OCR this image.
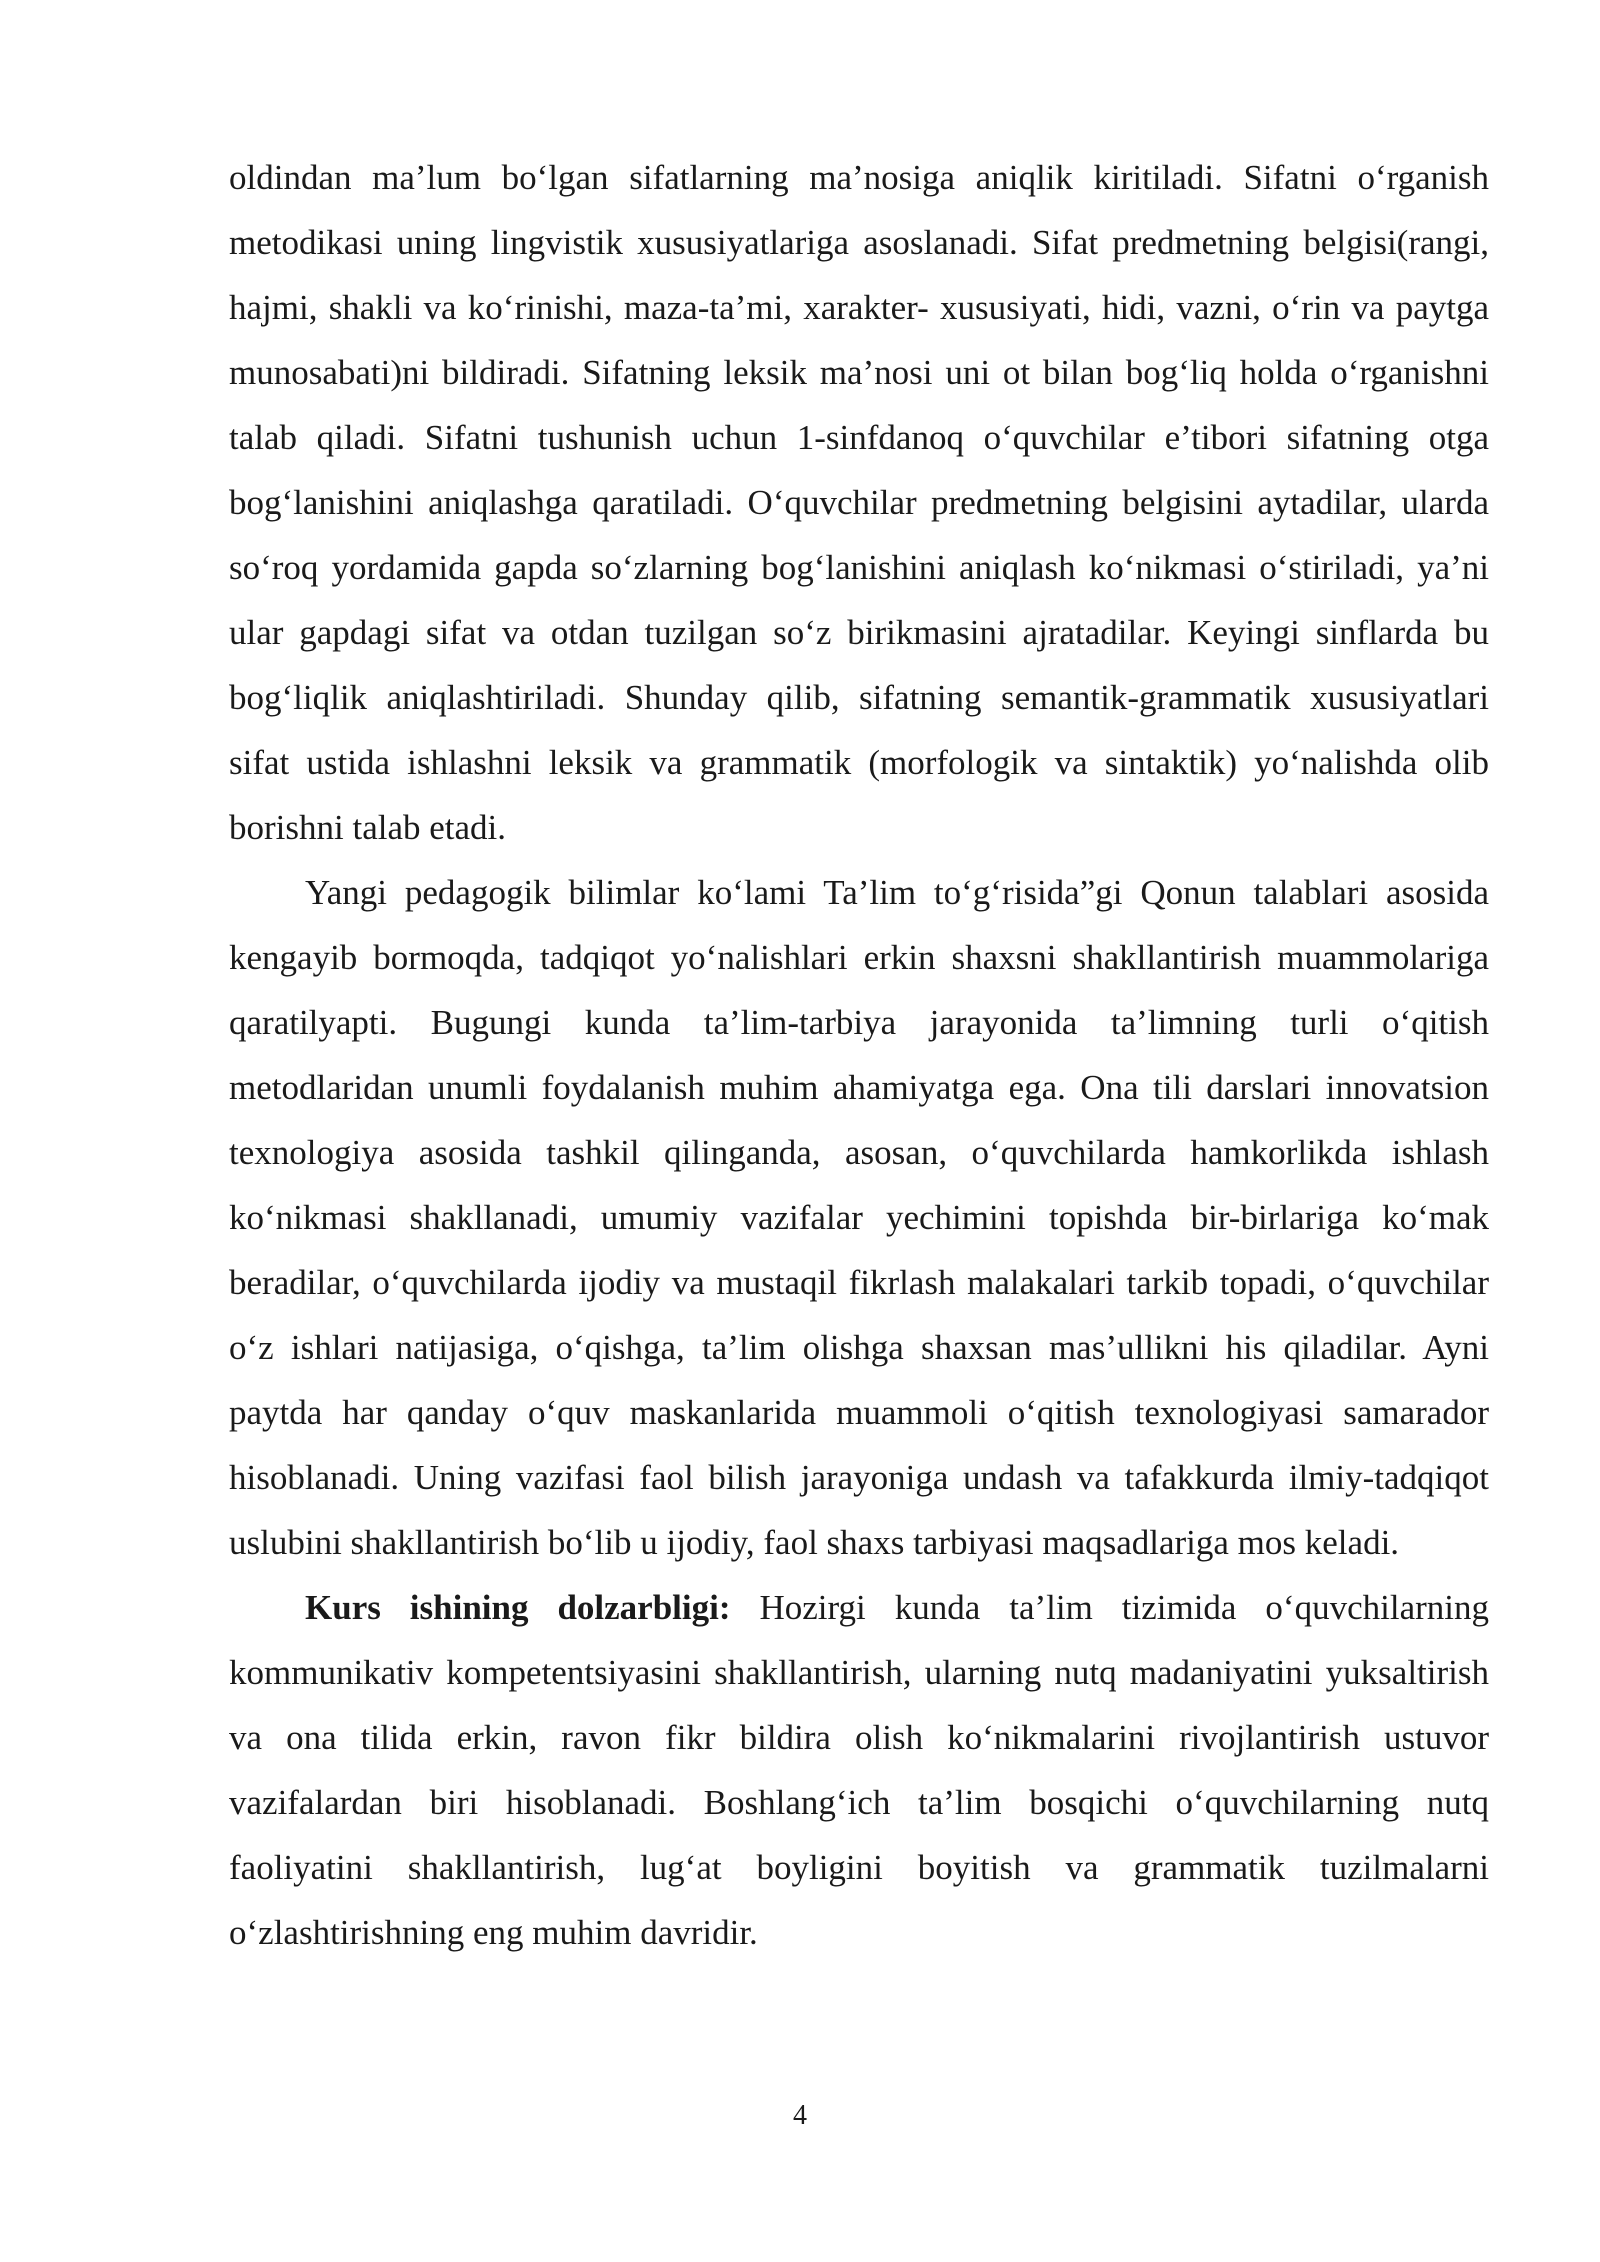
oldindan ma’lum bo‘lgan sifatlarning ma’nosiga aniqlik kiritiladi. Sifatni o‘rganish metodikasi uning lingvistik xususiyatlariga asoslanadi. Sifat predmetning belgisi(rangi, hajmi, shakli va ko‘rinishi, maza-ta’mi, xarakter- xususiyati, hidi, vazni, o‘rin va paytga munosabati)ni bildiradi. Sifatning leksik ma’nosi uni ot bilan bog‘liq holda o‘rganishni talab qiladi. Sifatni tushunish uchun 1-sinfdanoq o‘quvchilar e’tibori sifatning otga bog‘lanishini aniqlashga qaratiladi. O‘quvchilar predmetning belgisini aytadilar, ularda so‘roq yordamida gapda so‘zlarning bog‘lanishini aniqlash ko‘nikmasi o‘stiriladi, ya’ni ular gapdagi sifat va otdan tuzilgan so‘z birikmasini ajratadilar. Keyingi sinflarda bu bog‘liqlik aniqlashtiriladi. Shunday qilib, sifatning semantik-grammatik xususiyatlari sifat ustida ishlashni leksik va grammatik (morfologik va sintaktik) yo‘nalishda olib borishni talab etadi.

Yangi pedagogik bilimlar ko‘lami Ta’lim to‘g‘risida”gi Qonun talablari asosida kengayib bormoqda, tadqiqot yo‘nalishlari erkin shaxsni shakllantirish muammolariga qaratilyapti. Bugungi kunda ta’lim-tarbiya jarayonida ta’limning turli o‘qitish metodlaridan unumli foydalanish muhim ahamiyatga ega. Ona tili darslari innovatsion texnologiya asosida tashkil qilinganda, asosan, o‘quvchilarda hamkorlikda ishlash ko‘nikmasi shakllanadi, umumiy vazifalar yechimini topishda bir-birlariga ko‘mak beradilar, o‘quvchilarda ijodiy va mustaqil fikrlash malakalari tarkib topadi, o‘quvchilar o‘z ishlari natijasiga, o‘qishga, ta’lim olishga shaxsan mas’ullikni his qiladilar. Ayni paytda har qanday o‘quv maskanlarida muammoli o‘qitish texnologiyasi samarador hisoblanadi. Uning vazifasi faol bilish jarayoniga undash va tafakkurda ilmiy-tadqiqot uslubini shakllantirish bo‘lib u ijodiy, faol shaxs tarbiyasi maqsadlariga mos keladi.

Kurs ishining dolzarbligi: Hozirgi kunda ta’lim tizimida o‘quvchilarning kommunikativ kompetentsiyasini shakllantirish, ularning nutq madaniyatini yuksaltirish va ona tilida erkin, ravon fikr bildira olish ko‘nikmalarini rivojlantirish ustuvor vazifalardan biri hisoblanadi. Boshlang‘ich ta’lim bosqichi o‘quvchilarning nutq faoliyatini shakllantirish, lug‘at boyligini boyitish va grammatik tuzilmalarni o‘zlashtirishning eng muhim davridir.

4
